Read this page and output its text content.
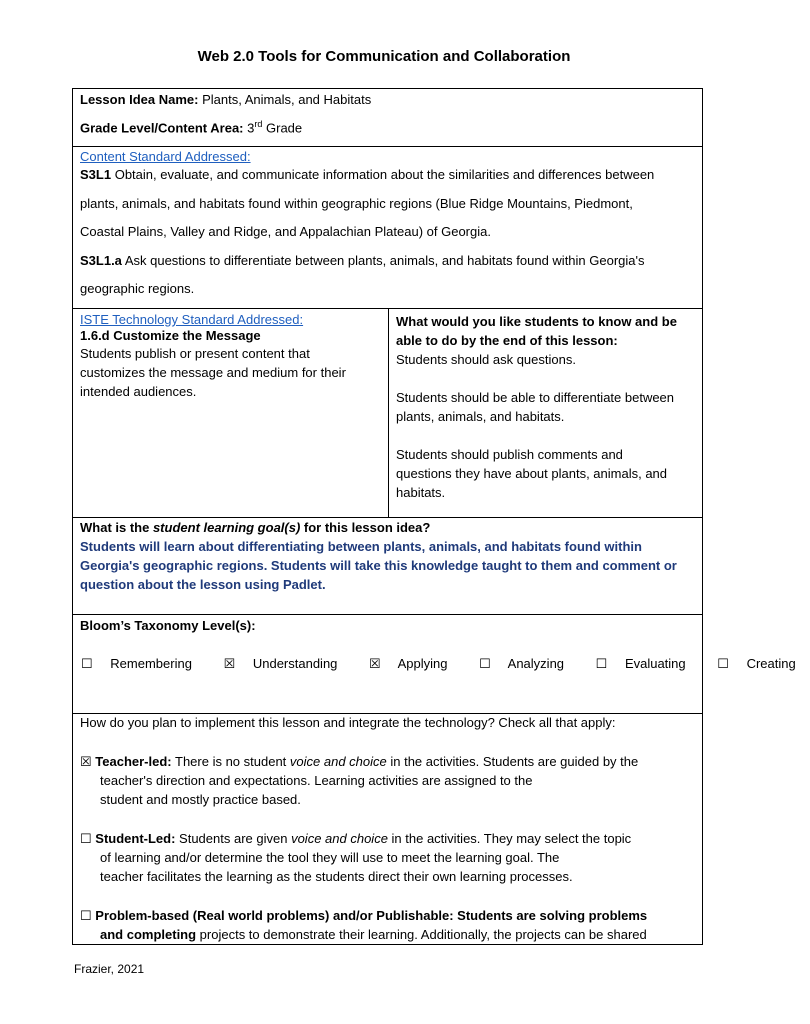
Web 2.0 Tools for Communication and Collaboration
Lesson Idea Name: Plants, Animals, and Habitats
Grade Level/Content Area: 3rd Grade
Content Standard Addressed:
S3L1 Obtain, evaluate, and communicate information about the similarities and differences between
plants, animals, and habitats found within geographic regions (Blue Ridge Mountains, Piedmont,
Coastal Plains, Valley and Ridge, and Appalachian Plateau) of Georgia.
S3L1.a Ask questions to differentiate between plants, animals, and habitats found within Georgia's
geographic regions.
ISTE Technology Standard Addressed:
1.6.d Customize the Message
Students publish or present content that
customizes the message and medium for their
intended audiences.
What would you like students to know and be
able to do by the end of this lesson:
Students should ask questions.
Students should be able to differentiate between
plants, animals, and habitats.
Students should publish comments and
questions they have about plants, animals, and
habitats.
What is the student learning goal(s) for this lesson idea?
Students will learn about differentiating between plants, animals, and habitats found within
Georgia's geographic regions. Students will take this knowledge taught to them and comment or
question about the lesson using Padlet.
Bloom’s Taxonomy Level(s):
☐ Remembering ☒ Understanding ☒ Applying ☐ Analyzing ☐ Evaluating ☐ Creating
How do you plan to implement this lesson and integrate the technology? Check all that apply:
☒ Teacher-led: There is no student voice and choice in the activities. Students are guided by the
teacher's direction and expectations. Learning activities are assigned to the
student and mostly practice based.
☐ Student-Led: Students are given voice and choice in the activities. They may select the topic
of learning and/or determine the tool they will use to meet the learning goal. The
teacher facilitates the learning as the students direct their own learning processes.
☐ Problem-based (Real world problems) and/or Publishable: Students are solving problems
and completing projects to demonstrate their learning. Additionally, the projects can be shared
Frazier, 2021
